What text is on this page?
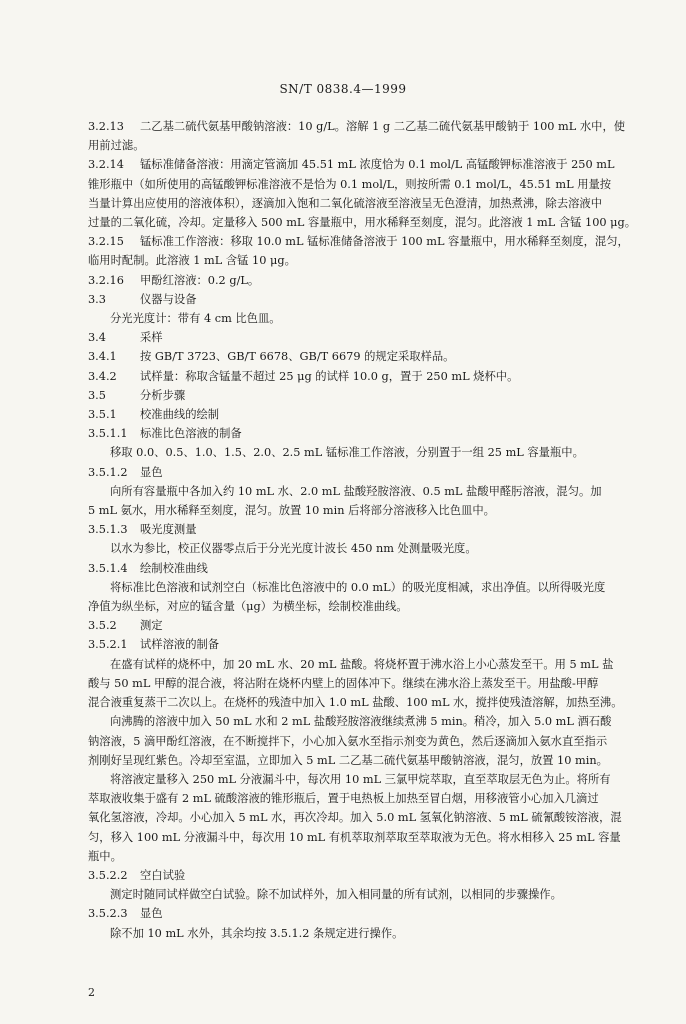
SN/T 0838.4—1999
3.2.13 二乙基二硫代氨基甲酸钠溶液：10 g/L。溶解 1 g 二乙基二硫代氨基甲酸钠于 100 mL 水中，使
用前过滤。
3.2.14 锰标准储备溶液：用滴定管滴加 45.51 mL 浓度恰为 0.1 mol/L 高锰酸钾标准溶液于 250 mL
锥形瓶中（如所使用的高锰酸钾标准溶液不是恰为 0.1 mol/L，则按所需 0.1 mol/L，45.51 mL 用量按
当量计算出应使用的溶液体积），逐滴加入饱和二氧化硫溶液至溶液呈无色澄清，加热煮沸，除去溶液中
过量的二氧化硫，冷却。定量移入 500 mL 容量瓶中，用水稀释至刻度，混匀。此溶液 1 mL 含锰 100 μg。
3.2.15 锰标准工作溶液：移取 10.0 mL 锰标准储备溶液于 100 mL 容量瓶中，用水稀释至刻度，混匀，
临用时配制。此溶液 1 mL 含锰 10 μg。
3.2.16 甲酚红溶液：0.2 g/L。
3.3	仪器与设备
分光光度计：带有 4 cm 比色皿。
3.4	采样
3.4.1 按 GB/T 3723、GB/T 6678、GB/T 6679 的规定采取样品。
3.4.2 试样量：称取含锰量不超过 25 μg 的试样 10.0 g，置于 250 mL 烧杯中。
3.5	分析步骤
3.5.1 校准曲线的绘制
3.5.1.1 标准比色溶液的制备
移取 0.0、0.5、1.0、1.5、2.0、2.5 mL 锰标准工作溶液，分别置于一组 25 mL 容量瓶中。
3.5.1.2 显色
向所有容量瓶中各加入约 10 mL 水、2.0 mL 盐酸羟胺溶液、0.5 mL 盐酸甲醛肟溶液，混匀。加
5 mL 氨水，用水稀释至刻度，混匀。放置 10 min 后将部分溶液移入比色皿中。
3.5.1.3 吸光度测量
以水为参比，校正仪器零点后于分光光度计波长 450 nm 处测量吸光度。
3.5.1.4 绘制校准曲线
将标准比色溶液和试剂空白（标准比色溶液中的 0.0 mL）的吸光度相减，求出净值。以所得吸光度
净值为纵坐标，对应的锰含量（μg）为横坐标，绘制校准曲线。
3.5.2 测定
3.5.2.1 试样溶液的制备
在盛有试样的烧杯中，加 20 mL 水、20 mL 盐酸。将烧杯置于沸水浴上小心蒸发至干。用 5 mL 盐
酸与 50 mL 甲醇的混合液，将沾附在烧杯内壁上的固体冲下。继续在沸水浴上蒸发至干。用盐酸-甲醇
混合液重复蒸干二次以上。在烧杯的残渣中加入 1.0 mL 盐酸、100 mL 水，搅拌使残渣溶解，加热至沸。
向沸腾的溶液中加入 50 mL 水和 2 mL 盐酸羟胺溶液继续煮沸 5 min。稍冷，加入 5.0 mL 酒石酸
钠溶液，5 滴甲酚红溶液，在不断搅拌下，小心加入氨水至指示剂变为黄色，然后逐滴加入氨水直至指示
剂刚好呈现红紫色。冷却至室温，立即加入 5 mL 二乙基二硫代氨基甲酸钠溶液，混匀，放置 10 min。
将溶液定量移入 250 mL 分液漏斗中，每次用 10 mL 三氯甲烷萃取，直至萃取层无色为止。将所有
萃取液收集于盛有 2 mL 硫酸溶液的锥形瓶后，置于电热板上加热至冒白烟，用移液管小心加入几滴过
氧化氢溶液，冷却。小心加入 5 mL 水，再次冷却。加入 5.0 mL 氢氧化钠溶液、5 mL 硫氰酸铵溶液，混
匀，移入 100 mL 分液漏斗中，每次用 10 mL 有机萃取剂萃取至萃取液为无色。将水相移入 25 mL 容量
瓶中。
3.5.2.2 空白试验
测定时随同试样做空白试验。除不加试样外，加入相同量的所有试剂，以相同的步骤操作。
3.5.2.3 显色
除不加 10 mL 水外，其余均按 3.5.1.2 条规定进行操作。
2
